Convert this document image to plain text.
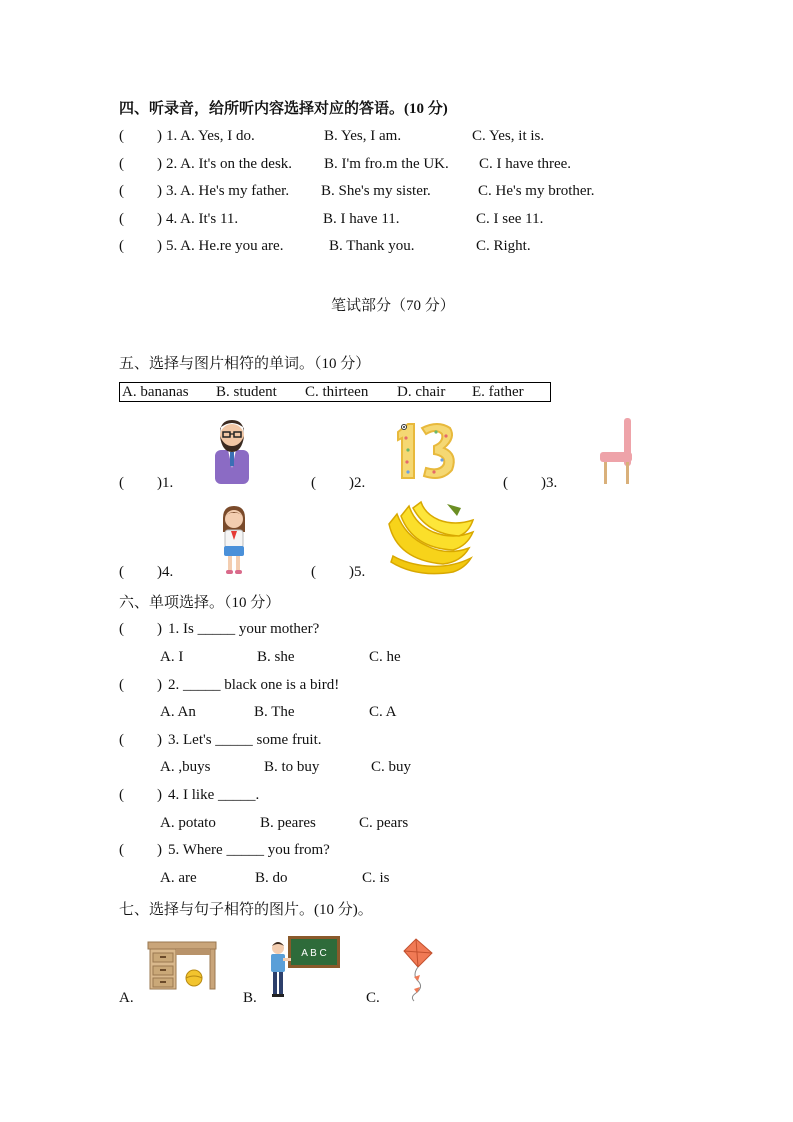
四、听录音，给所听内容选择对应的答语。(10 分)
( ) 1. A. Yes, I do.	B. Yes, I am.	C. Yes, it is.
( ) 2. A. It's on the desk. B. I'm fro.m the UK. C. I have three.
( ) 3. A. He's my father. B. She's my sister.	C. He's my brother.
( ) 4. A. It's 11.	B. I have 11.	C. I see 11.
( ) 5. A. He.re you are.	B. Thank you.	C. Right.
笔试部分（70 分）
五、选择与图片相符的单词。（10 分）
A. bananas B. student C. thirteen D. chair E. father
( )1.	( )2.	( )3.
( )4.	( )5.
六、单项选择。（10 分）
( ) 1. Is _____ your mother?
A. I	B. she	C. he
( ) 2. _____ black one is a bird!
A. An	B. The	C. A
( ) 3. Let's _____ some fruit.
A. ,buys	B. to buy	C. buy
( ) 4. I like _____.
A. potato	B. peares	C. pears
( ) 5. Where _____ you from?
A. are	B. do	C. is
七、选择与句子相符的图片。(10 分)。
A.	B.	C.
A B C
